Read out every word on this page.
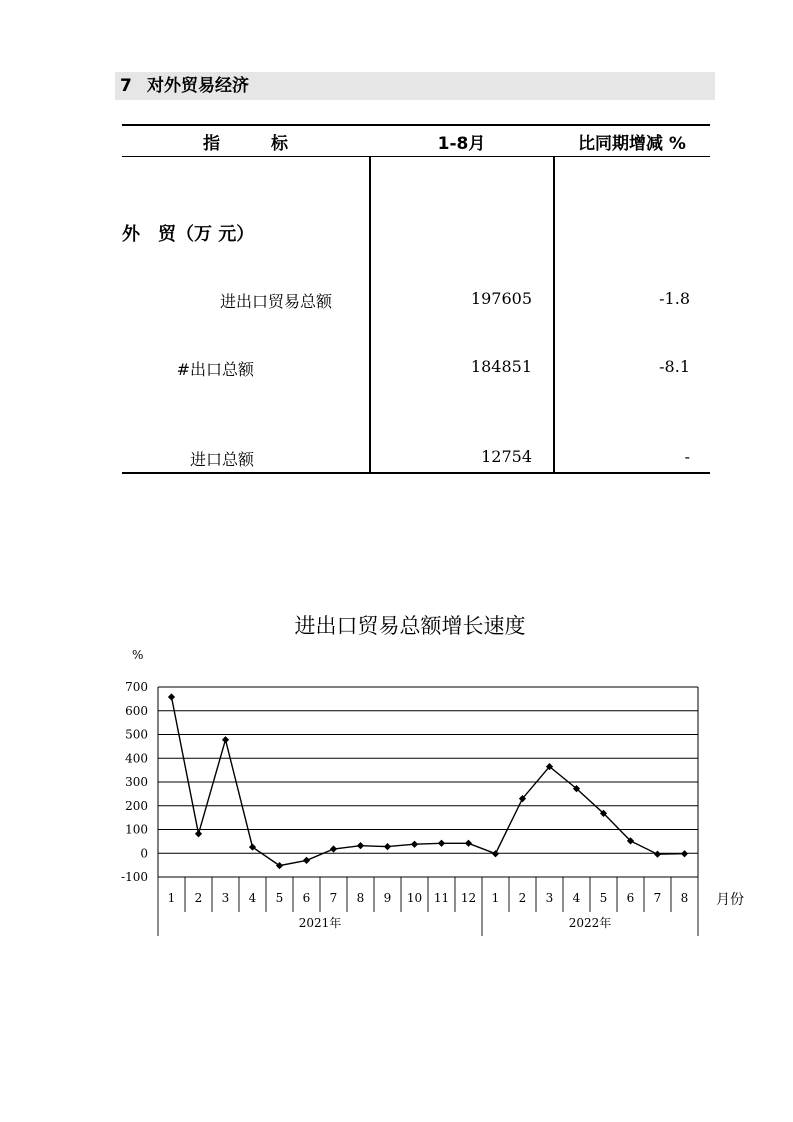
7 对外贸易经济
指　　　标	1-8月	比同期增减 %
外　贸（万 元）
进出口贸易总额	197605	-1.8
#出口总额	184851	-8.1
进口总额	12754	-
进出口贸易总额增长速度
700
600
500
400
300
200
100
0
-100
1 2 3 4 5 6 7 8 9 10 11 12 1 2 3 4 5 6 7 8
2021年	2022年
%
月份
